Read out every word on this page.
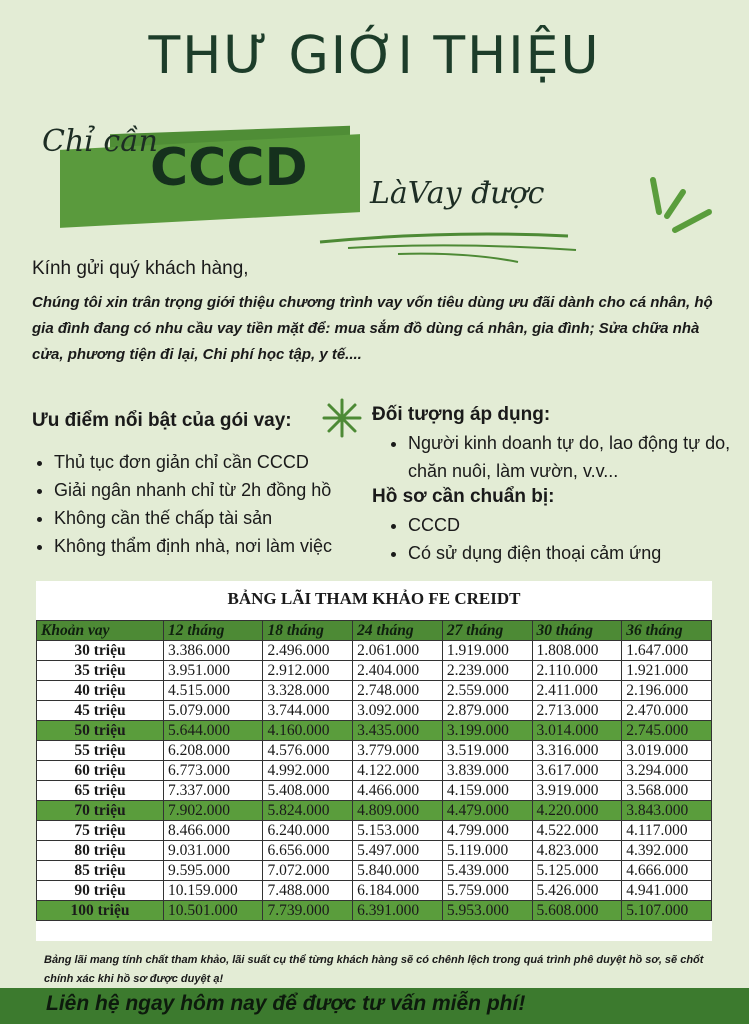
THƯ GIỚI THIỆU
Chỉ cần
CCCD LàVay được
Kính gửi quý khách hàng,
Chúng tôi xin trân trọng giới thiệu chương trình vay vốn tiêu dùng ưu đãi dành cho cá nhân, hộ gia đình đang có nhu cầu vay tiền mặt để: mua sắm đồ dùng cá nhân, gia đình; Sửa chữa nhà cửa, phương tiện đi lại, Chi phí học tập, y tế....
Ưu điểm nổi bật của gói vay:
• Thủ tục đơn giản chỉ cần CCCD
• Giải ngân nhanh chỉ từ 2h đồng hồ
• Không cần thế chấp tài sản
• Không thẩm định nhà, nơi làm việc
Đối tượng áp dụng:
• Người kinh doanh tự do, lao động tự do, chăn nuôi, làm vườn, v.v...
Hồ sơ cần chuẩn bị:
• CCCD
• Có sử dụng điện thoại cảm ứng
BẢNG LÃI THAM KHẢO FE CREIDT
Khoản vay	12 tháng	18 tháng	24 tháng	27 tháng	30 tháng	36 tháng
30 triệu	3.386.000	2.496.000	2.061.000	1.919.000	1.808.000	1.647.000
35 triệu	3.951.000	2.912.000	2.404.000	2.239.000	2.110.000	1.921.000
40 triệu	4.515.000	3.328.000	2.748.000	2.559.000	2.411.000	2.196.000
45 triệu	5.079.000	3.744.000	3.092.000	2.879.000	2.713.000	2.470.000
50 triệu	5.644.000	4.160.000	3.435.000	3.199.000	3.014.000	2.745.000
55 triệu	6.208.000	4.576.000	3.779.000	3.519.000	3.316.000	3.019.000
60 triệu	6.773.000	4.992.000	4.122.000	3.839.000	3.617.000	3.294.000
65 triệu	7.337.000	5.408.000	4.466.000	4.159.000	3.919.000	3.568.000
70 triệu	7.902.000	5.824.000	4.809.000	4.479.000	4.220.000	3.843.000
75 triệu	8.466.000	6.240.000	5.153.000	4.799.000	4.522.000	4.117.000
80 triệu	9.031.000	6.656.000	5.497.000	5.119.000	4.823.000	4.392.000
85 triệu	9.595.000	7.072.000	5.840.000	5.439.000	5.125.000	4.666.000
90 triệu	10.159.000	7.488.000	6.184.000	5.759.000	5.426.000	4.941.000
100 triệu	10.501.000	7.739.000	6.391.000	5.953.000	5.608.000	5.107.000
Bảng lãi mang tính chất tham khảo, lãi suất cụ thể từng khách hàng sẽ có chênh lệch trong quá trình phê duyệt hồ sơ, sẽ chốt chính xác khi hồ sơ được duyệt ạ!
Liên hệ ngay hôm nay để được tư vấn miễn phí!
